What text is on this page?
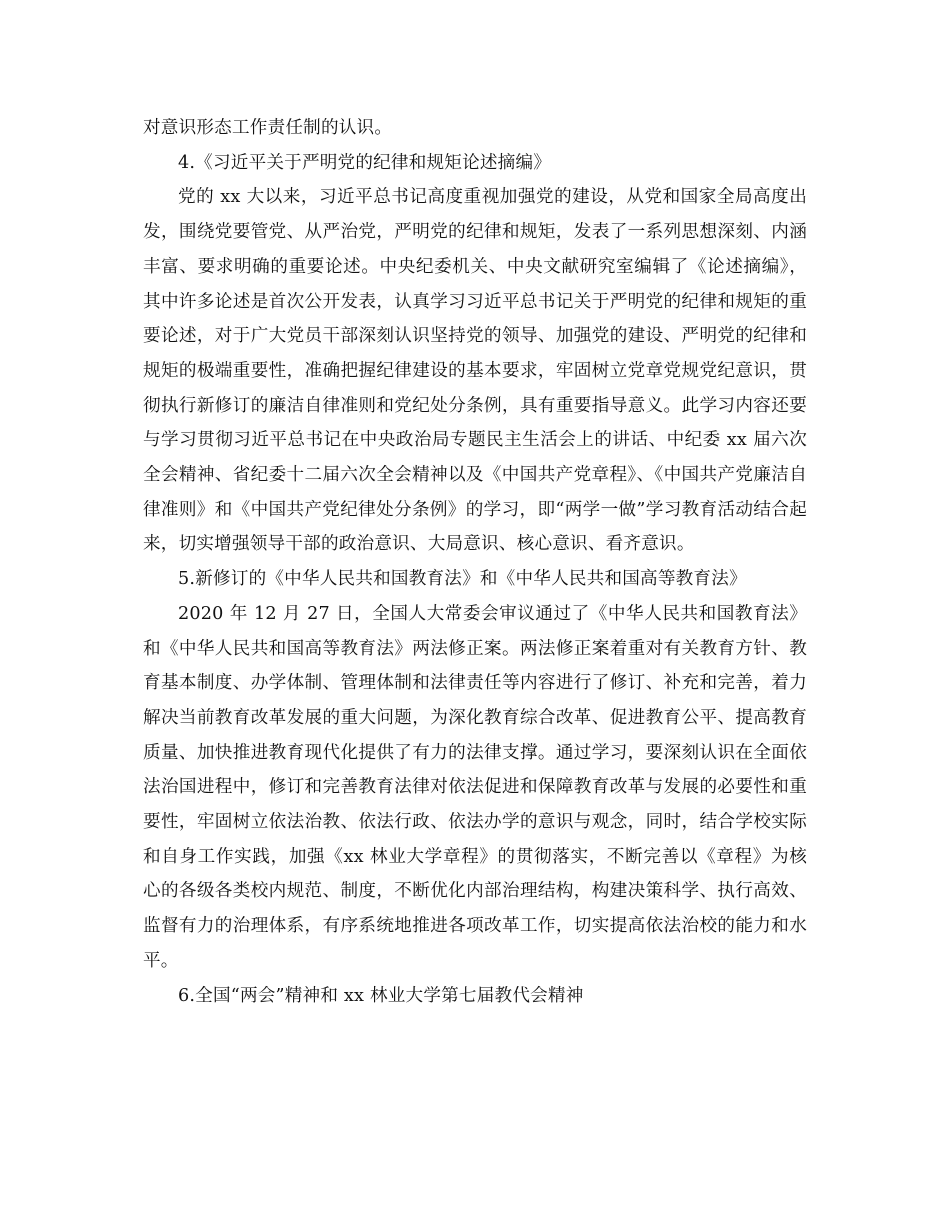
对意识形态工作责任制的认识。

4.《习近平关于严明党的纪律和规矩论述摘编》

党的 xx 大以来，习近平总书记高度重视加强党的建设，从党和国家全局高度出发，围绕党要管党、从严治党，严明党的纪律和规矩，发表了一系列思想深刻、内涵丰富、要求明确的重要论述。中央纪委机关、中央文献研究室编辑了《论述摘编》，其中许多论述是首次公开发表，认真学习习近平总书记关于严明党的纪律和规矩的重要论述，对于广大党员干部深刻认识坚持党的领导、加强党的建设、严明党的纪律和规矩的极端重要性，准确把握纪律建设的基本要求，牢固树立党章党规党纪意识，贯彻执行新修订的廉洁自律准则和党纪处分条例，具有重要指导意义。此学习内容还要与学习贯彻习近平总书记在中央政治局专题民主生活会上的讲话、中纪委 xx 届六次全会精神、省纪委十二届六次全会精神以及《中国共产党章程》、《中国共产党廉洁自律准则》和《中国共产党纪律处分条例》的学习，即“两学一做”学习教育活动结合起来，切实增强领导干部的政治意识、大局意识、核心意识、看齐意识。

5.新修订的《中华人民共和国教育法》和《中华人民共和国高等教育法》

2020 年 12 月 27 日，全国人大常委会审议通过了《中华人民共和国教育法》和《中华人民共和国高等教育法》两法修正案。两法修正案着重对有关教育方针、教育基本制度、办学体制、管理体制和法律责任等内容进行了修订、补充和完善，着力解决当前教育改革发展的重大问题，为深化教育综合改革、促进教育公平、提高教育质量、加快推进教育现代化提供了有力的法律支撑。通过学习，要深刻认识在全面依法治国进程中，修订和完善教育法律对依法促进和保障教育改革与发展的必要性和重要性，牢固树立依法治教、依法行政、依法办学的意识与观念，同时，结合学校实际和自身工作实践，加强《xx 林业大学章程》的贯彻落实，不断完善以《章程》为核心的各级各类校内规范、制度，不断优化内部治理结构，构建决策科学、执行高效、监督有力的治理体系，有序系统地推进各项改革工作，切实提高依法治校的能力和水平。

6.全国“两会”精神和 xx 林业大学第七届教代会精神
